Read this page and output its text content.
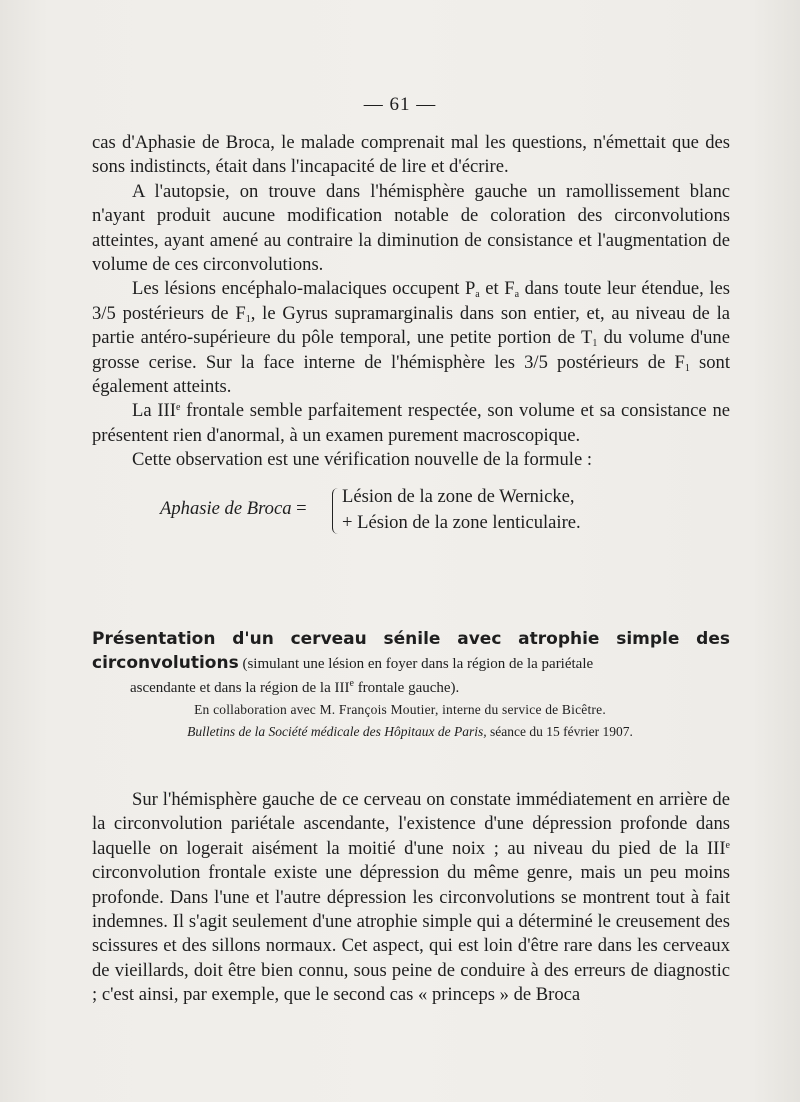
— 61 —

cas d'Aphasie de Broca, le malade comprenait mal les questions, n'émettait que des sons indistincts, était dans l'incapacité de lire et d'écrire.

A l'autopsie, on trouve dans l'hémisphère gauche un ramollissement blanc n'ayant produit aucune modification notable de coloration des circonvolutions atteintes, ayant amené au contraire la diminution de consistance et l'augmentation de volume de ces circonvolutions.

Les lésions encéphalo-malaciques occupent $P_a$ et $F_a$ dans toute leur étendue, les 3/5 postérieurs de $F_1$, le Gyrus supramarginalis dans son entier, et, au niveau de la partie antéro-supérieure du pôle temporal, une petite portion de $T_1$ du volume d'une grosse cerise. Sur la face interne de l'hémisphère les 3/5 postérieurs de $F_1$ sont également atteints.

La IIIe frontale semble parfaitement respectée, son volume et sa consistance ne présentent rien d'anormal, à un examen purement macroscopique.

Cette observation est une vérification nouvelle de la formule :

Aphasie de Broca =
Lésion de la zone de Wernicke,
+ Lésion de la zone lenticulaire.
Présentation d'un cerveau sénile avec atrophie simple des circonvolutions (simulant une lésion en foyer dans la région de la pariétale
ascendante et dans la région de la IIIe frontale gauche).
En collaboration avec M. François Moutier, interne du service de Bicêtre.
Bulletins de la Société médicale des Hôpitaux de Paris, séance du 15 février 1907.

Sur l'hémisphère gauche de ce cerveau on constate immédiatement en arrière de la circonvolution pariétale ascendante, l'existence d'une dépression profonde dans laquelle on logerait aisément la moitié d'une noix ; au niveau du pied de la IIIe circonvolution frontale existe une dépression du même genre, mais un peu moins profonde. Dans l'une et l'autre dépression les circonvolutions se montrent tout à fait indemnes. Il s'agit seulement d'une atrophie simple qui a déterminé le creusement des scissures et des sillons normaux. Cet aspect, qui est loin d'être rare dans les cerveaux de vieillards, doit être bien connu, sous peine de conduire à des erreurs de diagnostic ; c'est ainsi, par exemple, que le second cas « princeps » de Broca
